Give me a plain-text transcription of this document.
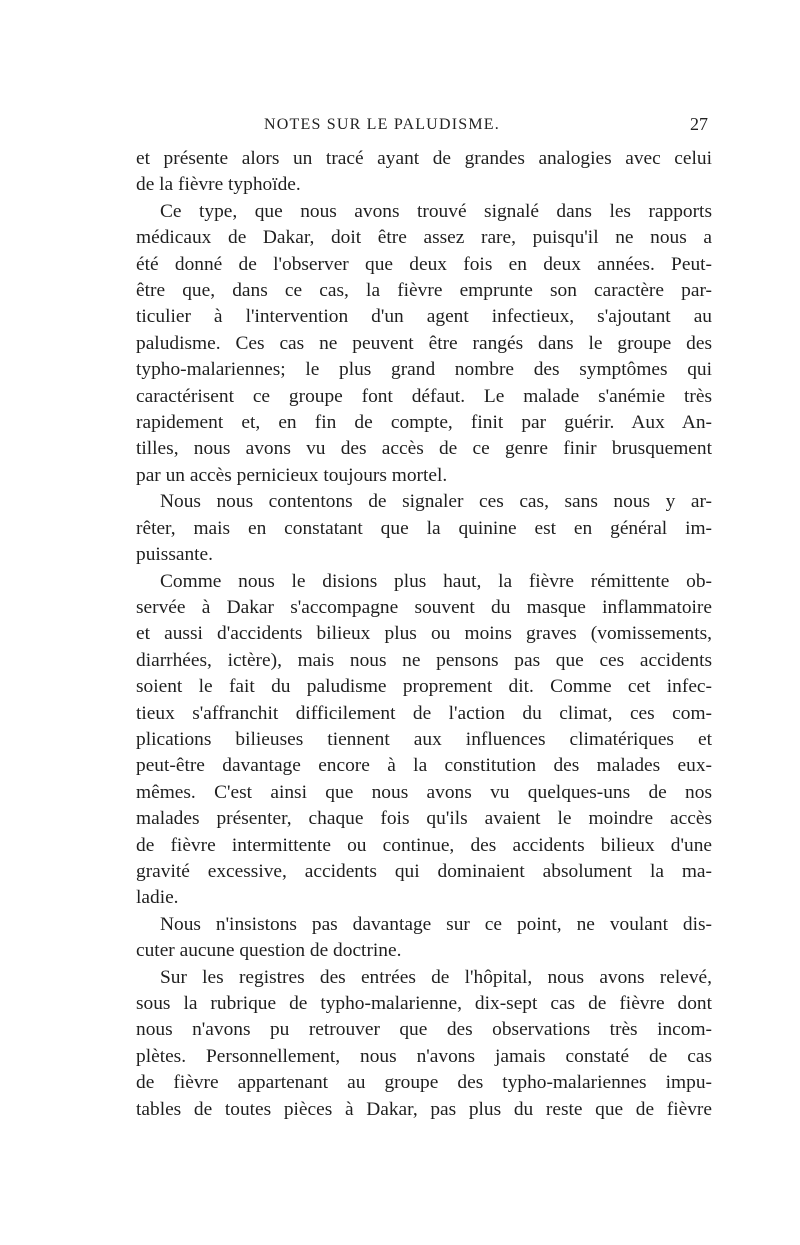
NOTES SUR LE PALUDISME.	27
et présente alors un tracé ayant de grandes analogies avec celui
de la fièvre typhoïde.
Ce type, que nous avons trouvé signalé dans les rapports
médicaux de Dakar, doit être assez rare, puisqu'il ne nous a
été donné de l'observer que deux fois en deux années. Peut-
être que, dans ce cas, la fièvre emprunte son caractère par-
ticulier à l'intervention d'un agent infectieux, s'ajoutant au
paludisme. Ces cas ne peuvent être rangés dans le groupe des
typho-malariennes; le plus grand nombre des symptômes qui
caractérisent ce groupe font défaut. Le malade s'anémie très
rapidement et, en fin de compte, finit par guérir. Aux An-
tilles, nous avons vu des accès de ce genre finir brusquement
par un accès pernicieux toujours mortel.
Nous nous contentons de signaler ces cas, sans nous y ar-
rêter, mais en constatant que la quinine est en général im-
puissante.
Comme nous le disions plus haut, la fièvre rémittente ob-
servée à Dakar s'accompagne souvent du masque inflammatoire
et aussi d'accidents bilieux plus ou moins graves (vomissements,
diarrhées, ictère), mais nous ne pensons pas que ces accidents
soient le fait du paludisme proprement dit. Comme cet infec-
tieux s'affranchit difficilement de l'action du climat, ces com-
plications bilieuses tiennent aux influences climatériques et
peut-être davantage encore à la constitution des malades eux-
mêmes. C'est ainsi que nous avons vu quelques-uns de nos
malades présenter, chaque fois qu'ils avaient le moindre accès
de fièvre intermittente ou continue, des accidents bilieux d'une
gravité excessive, accidents qui dominaient absolument la ma-
ladie.
Nous n'insistons pas davantage sur ce point, ne voulant dis-
cuter aucune question de doctrine.
Sur les registres des entrées de l'hôpital, nous avons relevé,
sous la rubrique de typho-malarienne, dix-sept cas de fièvre dont
nous n'avons pu retrouver que des observations très incom-
plètes. Personnellement, nous n'avons jamais constaté de cas
de fièvre appartenant au groupe des typho-malariennes impu-
tables de toutes pièces à Dakar, pas plus du reste que de fièvre
